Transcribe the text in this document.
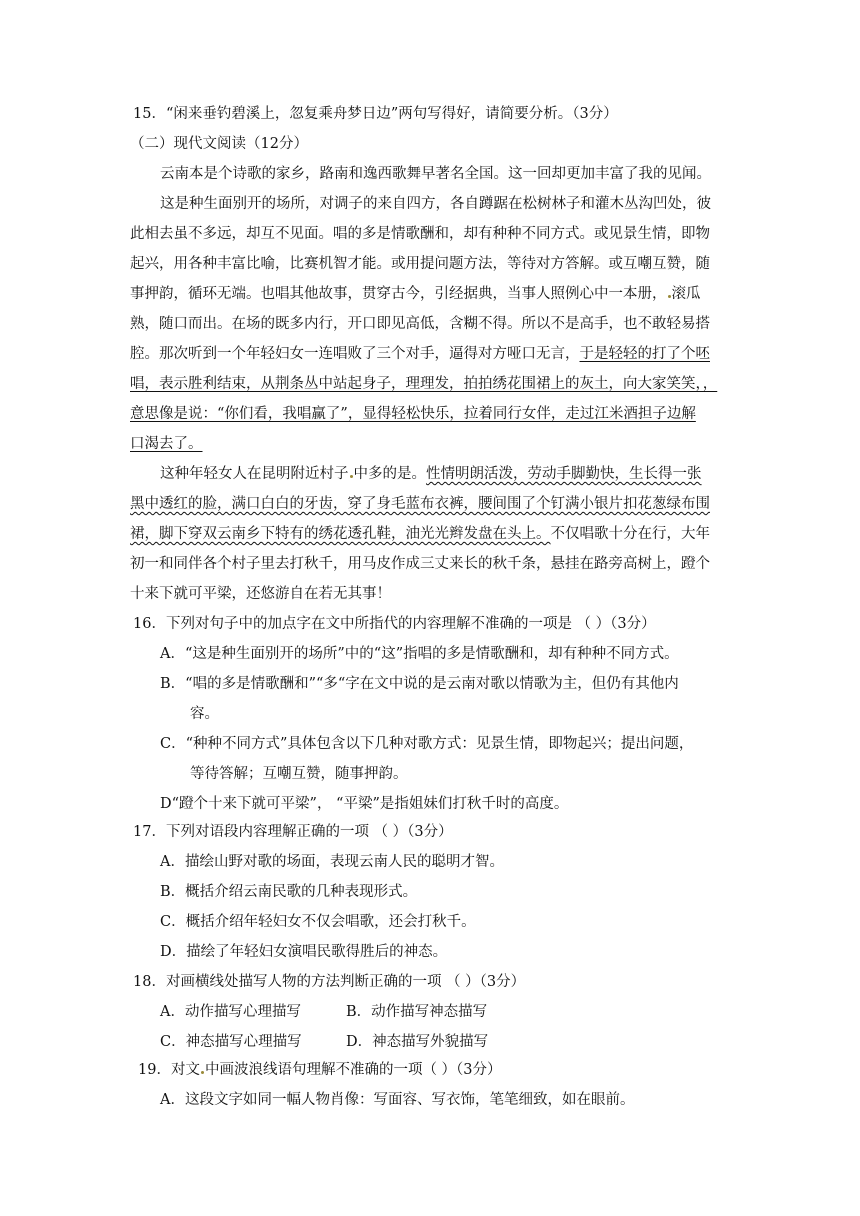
15．“闲来垂钓碧溪上，忽复乘舟梦日边”两句写得好，请简要分析。（3分）
（二）现代文阅读（12分）
云南本是个诗歌的家乡，路南和逸西歌舞早著名全国。这一回却更加丰富了我的见闻。
这是种生面别开的场所，对调子的来自四方，各自蹲踞在松树林子和灌木丛沟凹处，彼
此相去虽不多远，却互不见面。唱的多是情歌酬和，却有种种不同方式。或见景生情，即物
起兴，用各种丰富比喻，比赛机智才能。或用提问题方法，等待对方答解。或互嘲互赞，随
事押韵，循环无端。也唱其他故事，贯穿古今，引经据典，当事人照例心中一本册， 滚瓜
熟，随口而出。在场的既多内行，开口即见高低，含糊不得。所以不是高手，也不敢轻易搭
腔。那次听到一个年轻妇女一连唱败了三个对手，逼得对方哑口无言，于是轻轻的打了个呸
唱，表示胜利结束，从荆条丛中站起身子，理理发，拍拍绣花围裙上的灰土，向大家笑笑，，
意思像是说：“你们看，我唱赢了”，显得轻松快乐，拉着同行女伴，走过江米酒担子边解
口渴去了。
这种年轻女人在昆明附近村子 中多的是。性情明朗活泼，劳动手脚勤快，生长得一张
黑中透红的脸，满口白白的牙齿，穿了身毛蓝布衣裤，腰间围了个钉满小银片扣花葱绿布围
裙，脚下穿双云南乡下特有的绣花透孔鞋，油光光辫发盘在头上。不仅唱歌十分在行，大年
初一和同伴各个村子里去打秋千，用马皮作成三丈来长的秋千条，悬挂在路旁高树上，蹬个
十来下就可平梁，还悠游自在若无其事！
16．下列对句子中的加点字在文中所指代的内容理解不准确的一项是 （ ）（3分）
A．“这是种生面别开的场所”中的“这”指唱的多是情歌酬和，却有种种不同方式。
B．“唱的多是情歌酬和”“多“字在文中说的是云南对歌以情歌为主，但仍有其他内
容。
C．“种种不同方式”具体包含以下几种对歌方式：见景生情，即物起兴；提出问题，
等待答解；互嘲互赞，随事押韵。
D“蹬个十来下就可平梁”， “平梁”是指姐妹们打秋千时的高度。
17．下列对语段内容理解正确的一项 （ ）（3分）
A．描绘山野对歌的场面，表现云南人民的聪明才智。
B．概括介绍云南民歌的几种表现形式。
C．概括介绍年轻妇女不仅会唱歌，还会打秋千。
D．描绘了年轻妇女演唱民歌得胜后的神态。
18．对画横线处描写人物的方法判断正确的一项 （ ）（3分）
A．动作描写心理描写	B．动作描写神态描写
C．神态描写心理描写	D．神态描写外貌描写
19．对文 中画波浪线语句理解不准确的一项（ ）（3分）
A．这段文字如同一幅人物肖像：写面容、写衣饰，笔笔细致，如在眼前。
